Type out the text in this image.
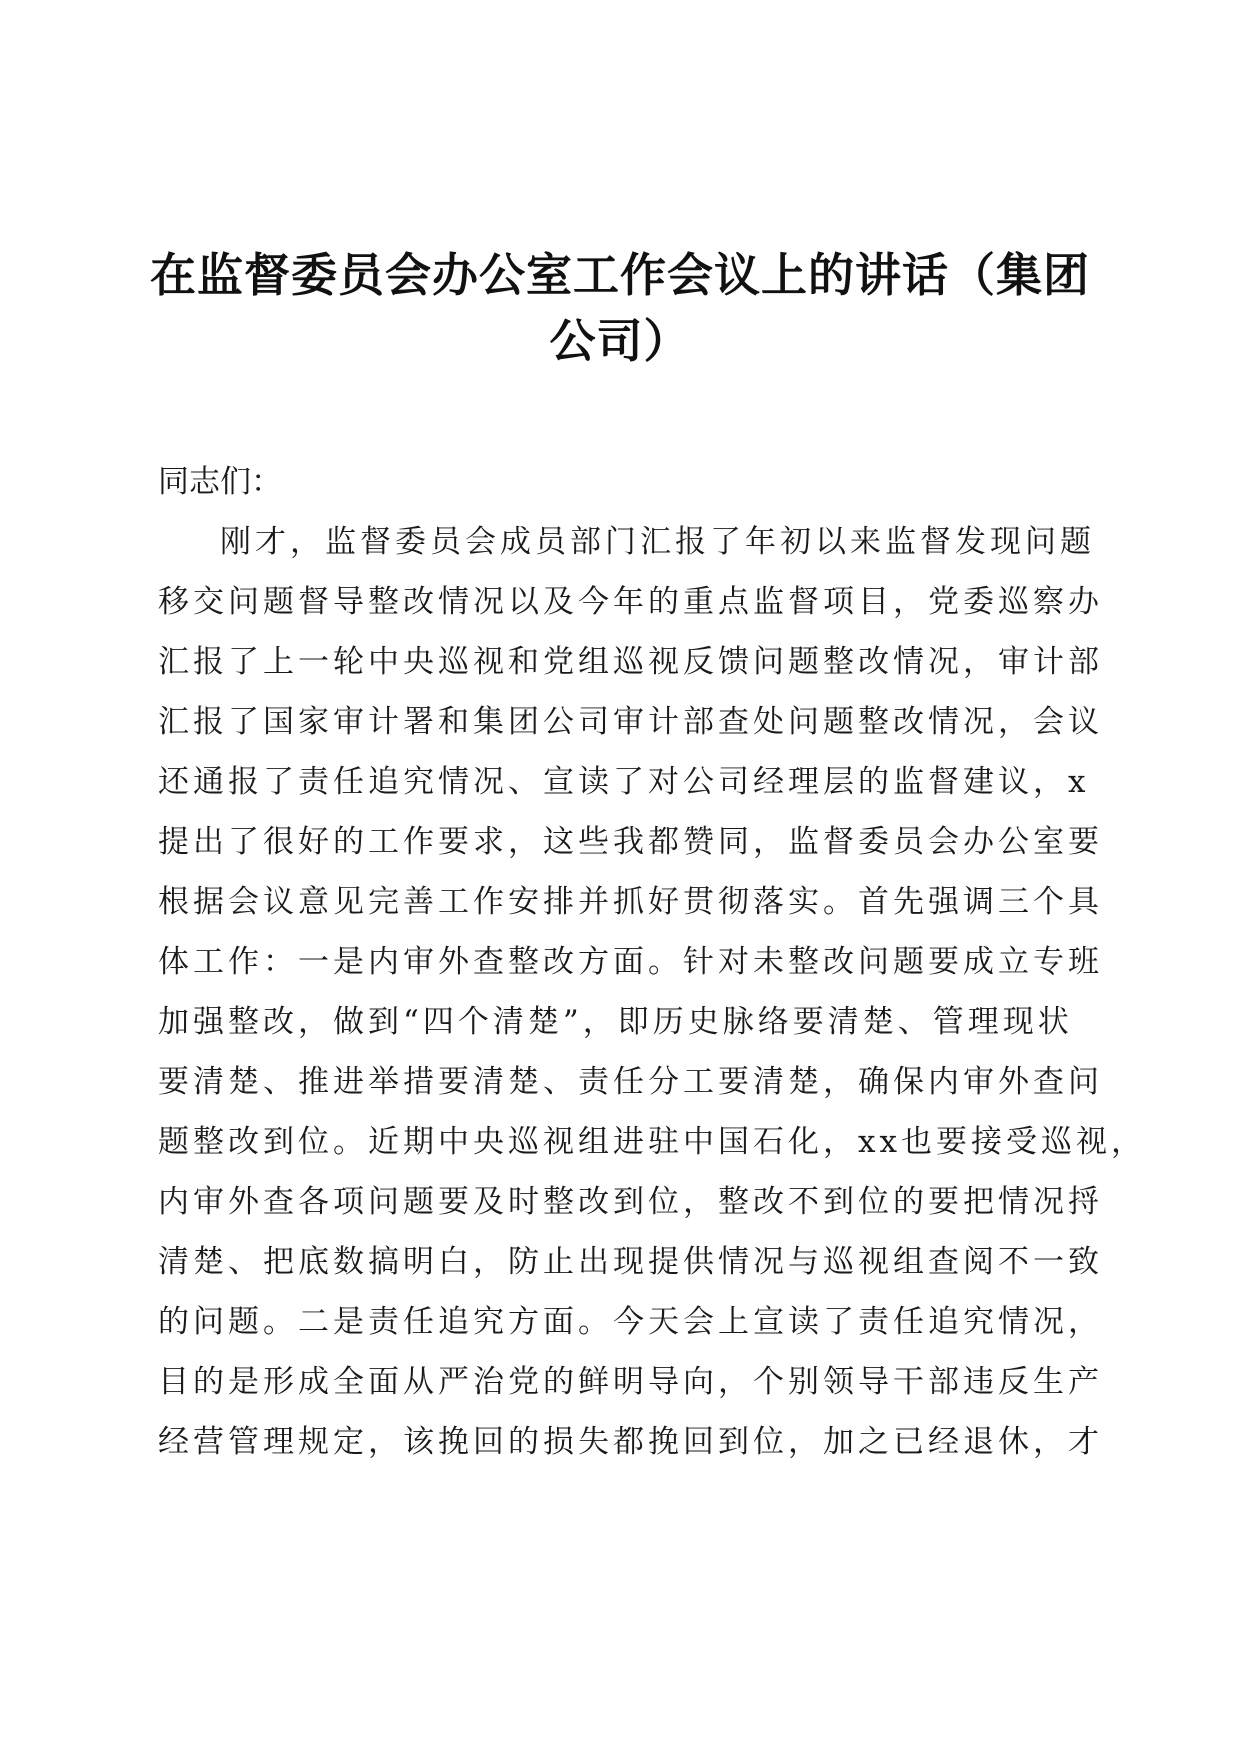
在监督委员会办公室工作会议上的讲话（集团
公司）
同志们：
刚才，监督委员会成员部门汇报了年初以来监督发现问题
移交问题督导整改情况以及今年的重点监督项目，党委巡察办
汇报了上一轮中央巡视和党组巡视反馈问题整改情况，审计部
汇报了国家审计署和集团公司审计部查处问题整改情况，会议
还通报了责任追究情况、宣读了对公司经理层的监督建议，x
提出了很好的工作要求，这些我都赞同，监督委员会办公室要
根据会议意见完善工作安排并抓好贯彻落实。首先强调三个具
体工作：一是内审外查整改方面。针对未整改问题要成立专班
加强整改，做到“四个清楚”，即历史脉络要清楚、管理现状
要清楚、推进举措要清楚、责任分工要清楚，确保内审外查问
题整改到位。近期中央巡视组进驻中国石化，xx也要接受巡视，
内审外查各项问题要及时整改到位，整改不到位的要把情况捋
清楚、把底数搞明白，防止出现提供情况与巡视组查阅不一致
的问题。二是责任追究方面。今天会上宣读了责任追究情况，
目的是形成全面从严治党的鲜明导向，个别领导干部违反生产
经营管理规定，该挽回的损失都挽回到位，加之已经退休，才
